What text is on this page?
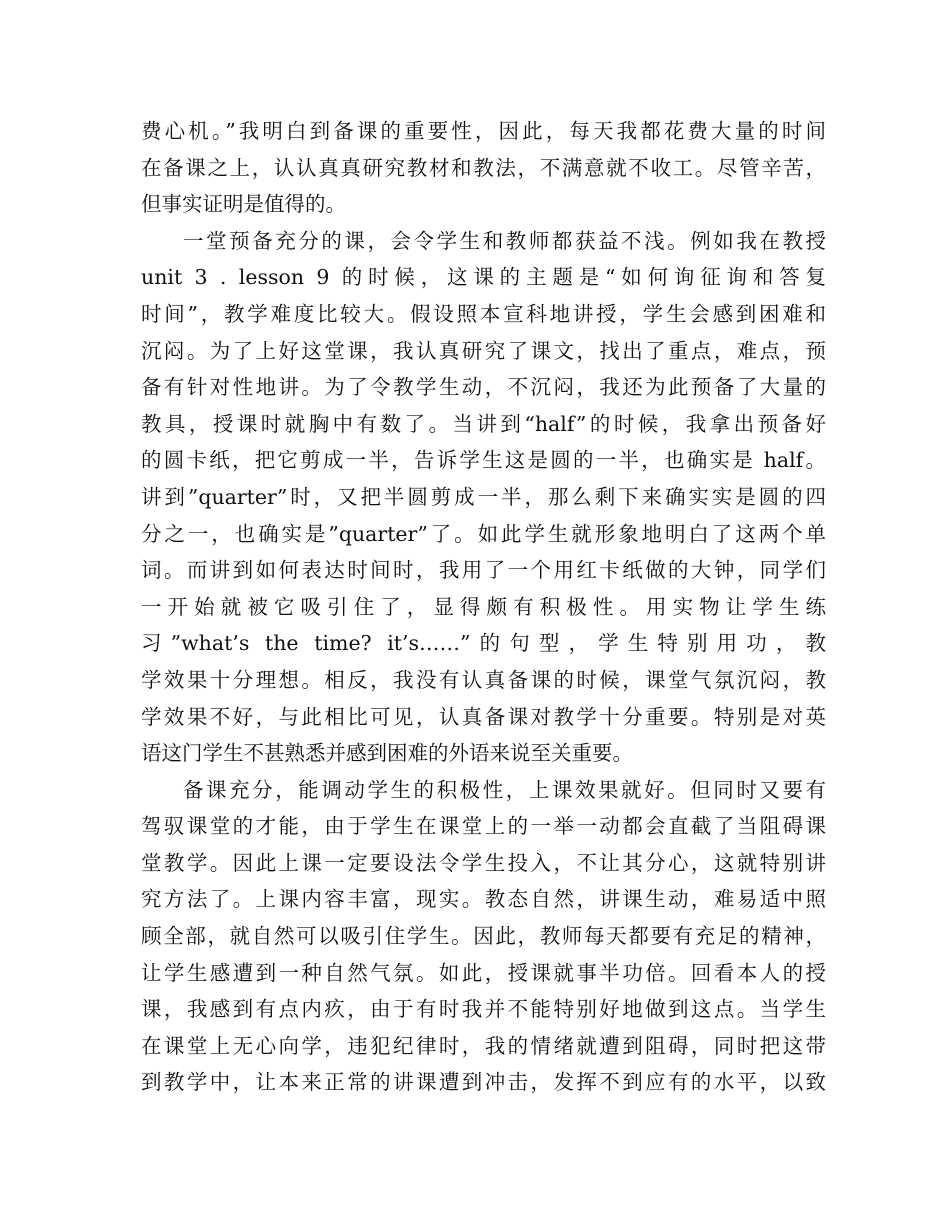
费心机。”我明白到备课的重要性，因此，每天我都花费大量的时间
在备课之上，认认真真研究教材和教法，不满意就不收工。尽管辛苦，
但事实证明是值得的。
一堂预备充分的课，会令学生和教师都获益不浅。例如我在教授
unit 3 . lesson 9 的时候，这课的主题是“如何询征询和答复
时间”，教学难度比较大。假设照本宣科地讲授，学生会感到困难和
沉闷。为了上好这堂课，我认真研究了课文，找出了重点，难点，预
备有针对性地讲。为了令教学生动，不沉闷，我还为此预备了大量的
教具，授课时就胸中有数了。当讲到“half”的时候，我拿出预备好
的圆卡纸，把它剪成一半，告诉学生这是圆的一半，也确实是 half。
讲到”quarter”时，又把半圆剪成一半，那么剩下来确实实是圆的四
分之一，也确实是”quarter”了。如此学生就形象地明白了这两个单
词。而讲到如何表达时间时，我用了一个用红卡纸做的大钟，同学们
一开始就被它吸引住了，显得颇有积极性。用实物让学生练
习”what’s the time? it’s……”的句型，学生特别用功，教
学效果十分理想。相反，我没有认真备课的时候，课堂气氛沉闷，教
学效果不好，与此相比可见，认真备课对教学十分重要。特别是对英
语这门学生不甚熟悉并感到困难的外语来说至关重要。
备课充分，能调动学生的积极性，上课效果就好。但同时又要有
驾驭课堂的才能，由于学生在课堂上的一举一动都会直截了当阻碍课
堂教学。因此上课一定要设法令学生投入，不让其分心，这就特别讲
究方法了。上课内容丰富，现实。教态自然，讲课生动，难易适中照
顾全部，就自然可以吸引住学生。因此，教师每天都要有充足的精神，
让学生感遭到一种自然气氛。如此，授课就事半功倍。回看本人的授
课，我感到有点内疚，由于有时我并不能特别好地做到这点。当学生
在课堂上无心向学，违犯纪律时，我的情绪就遭到阻碍，同时把这带
到教学中，让本来正常的讲课遭到冲击，发挥不到应有的水平，以致
